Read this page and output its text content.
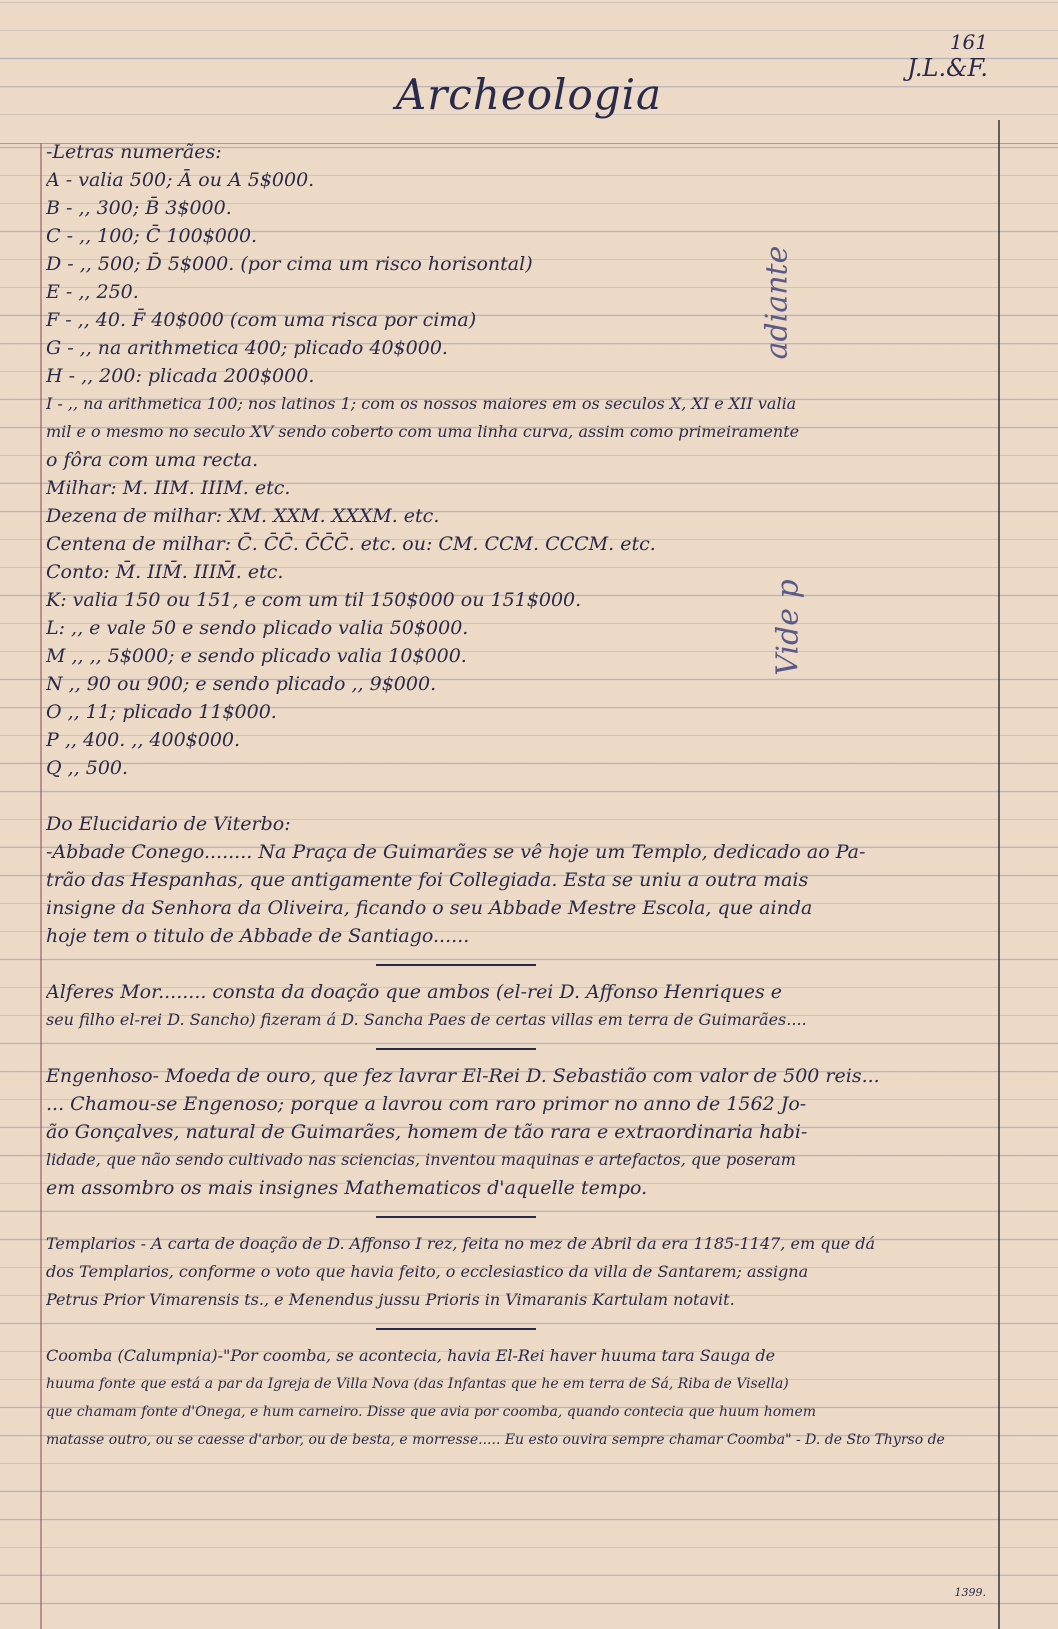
161
J.L.&F.
Archeologia
adiante
Vide p
-Letras numerães:
A - valia 500; Ā ou A 5$000.
B - ,, 300; B̄ 3$000.
C - ,, 100; C̄ 100$000.
D - ,, 500; D̄ 5$000. (por cima um risco horisontal)
E - ,, 250.
F - ,, 40. F̄ 40$000 (com uma risca por cima)
G - ,, na arithmetica 400; plicado 40$000.
H - ,, 200: plicada 200$000.
I - ,, na arithmetica 100; nos latinos 1; com os nossos maiores em os seculos X, XI e XII valia
mil e o mesmo no seculo XV sendo coberto com uma linha curva, assim como primeiramente
o fôra com uma recta.
Milhar: M. IIM. IIIM. etc.
Dezena de milhar: XM. XXM. XXXM. etc.
Centena de milhar: C̄. C̄C̄. C̄C̄C̄. etc. ou: CM. CCM. CCCM. etc.
Conto: M̄. IIM̄. IIIM̄. etc.
K: valia 150 ou 151, e com um til 150$000 ou 151$000.
L: ,, e vale 50 e sendo plicado valia 50$000.
M ,, ,, 5$000; e sendo plicado valia 10$000.
N ,, 90 ou 900; e sendo plicado ,, 9$000.
O ,, 11; plicado 11$000.
P ,, 400. ,, 400$000.
Q ,, 500.
Do Elucidario de Viterbo:
-Abbade Conego........ Na Praça de Guimarães se vê hoje um Templo, dedicado ao Pa-
trão das Hespanhas, que antigamente foi Collegiada. Esta se uniu a outra mais
insigne da Senhora da Oliveira, ficando o seu Abbade Mestre Escola, que ainda
hoje tem o titulo de Abbade de Santiago......
Alferes Mor........ consta da doação que ambos (el-rei D. Affonso Henriques e
seu filho el-rei D. Sancho) fizeram á D. Sancha Paes de certas villas em terra de Guimarães....
Engenhoso- Moeda de ouro, que fez lavrar El-Rei D. Sebastião com valor de 500 reis...
... Chamou-se Engenoso; porque a lavrou com raro primor no anno de 1562 Jo-
ão Gonçalves, natural de Guimarães, homem de tão rara e extraordinaria habi-
lidade, que não sendo cultivado nas sciencias, inventou maquinas e artefactos, que poseram
em assombro os mais insignes Mathematicos d'aquelle tempo.
Templarios - A carta de doação de D. Affonso I rez, feita no mez de Abril da era 1185-1147, em que dá
dos Templarios, conforme o voto que havia feito, o ecclesiastico da villa de Santarem; assigna
Petrus Prior Vimarensis ts., e Menendus jussu Prioris in Vimaranis Kartulam notavit.
Coomba (Calumpnia)-"Por coomba, se acontecia, havia El-Rei haver huuma tara Sauga de
huuma fonte que está a par da Igreja de Villa Nova (das Infantas que he em terra de Sá, Riba de Visella)
que chamam fonte d'Onega, e hum carneiro. Disse que avia por coomba, quando contecia que huum homem
matasse outro, ou se caesse d'arbor, ou de besta, e morresse..... Eu esto ouvira sempre chamar Coomba" - D. de Sto Thyrso de
1399.
